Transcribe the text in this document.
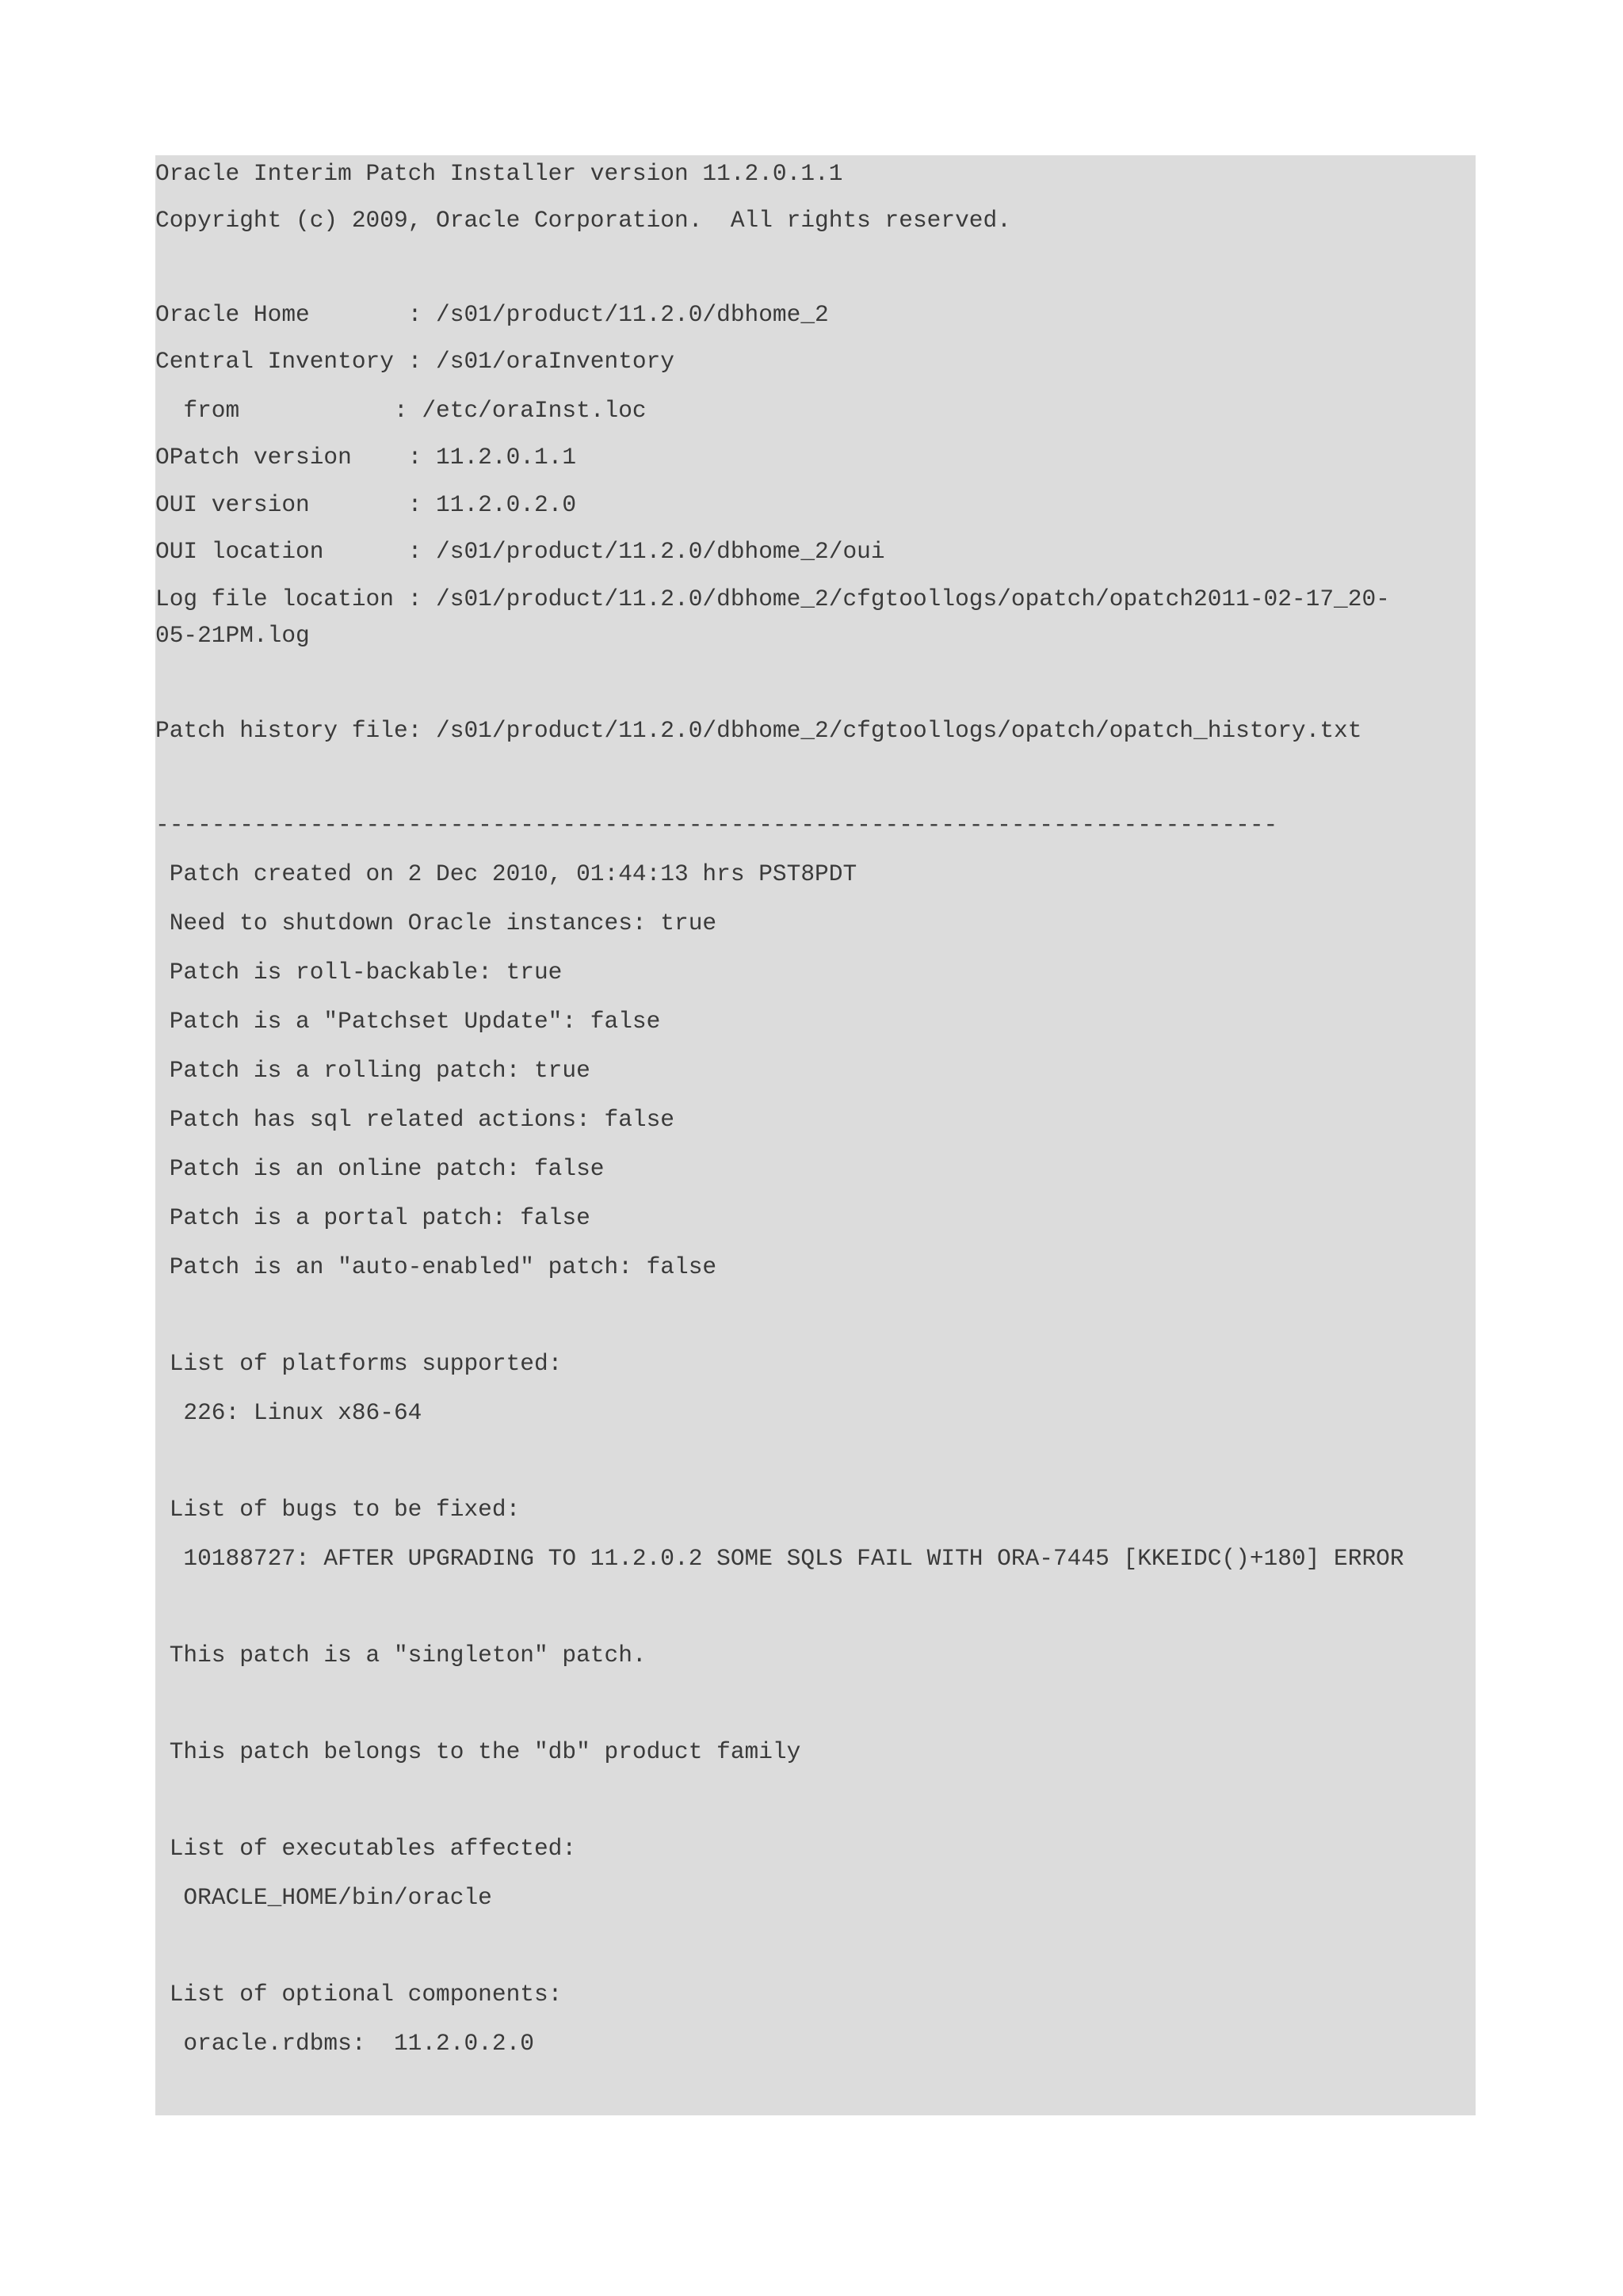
Oracle Interim Patch Installer version 11.2.0.1.1
Copyright (c) 2009, Oracle Corporation.  All rights reserved.
Oracle Home       : /s01/product/11.2.0/dbhome_2
Central Inventory : /s01/oraInventory
from           : /etc/oraInst.loc
OPatch version    : 11.2.0.1.1
OUI version       : 11.2.0.2.0
OUI location      : /s01/product/11.2.0/dbhome_2/oui
Log file location : /s01/product/11.2.0/dbhome_2/cfgtoollogs/opatch/opatch2011-02-17_20-
05-21PM.log
Patch history file: /s01/product/11.2.0/dbhome_2/cfgtoollogs/opatch/opatch_history.txt
--------------------------------------------------------------------------------
Patch created on 2 Dec 2010, 01:44:13 hrs PST8PDT
Need to shutdown Oracle instances: true
Patch is roll-backable: true
Patch is a "Patchset Update": false
Patch is a rolling patch: true
Patch has sql related actions: false
Patch is an online patch: false
Patch is a portal patch: false
Patch is an "auto-enabled" patch: false
List of platforms supported:
226: Linux x86-64
List of bugs to be fixed:
10188727: AFTER UPGRADING TO 11.2.0.2 SOME SQLS FAIL WITH ORA-7445 [KKEIDC()+180] ERROR
This patch is a "singleton" patch.
This patch belongs to the "db" product family
List of executables affected:
ORACLE_HOME/bin/oracle
List of optional components:
oracle.rdbms:  11.2.0.2.0
